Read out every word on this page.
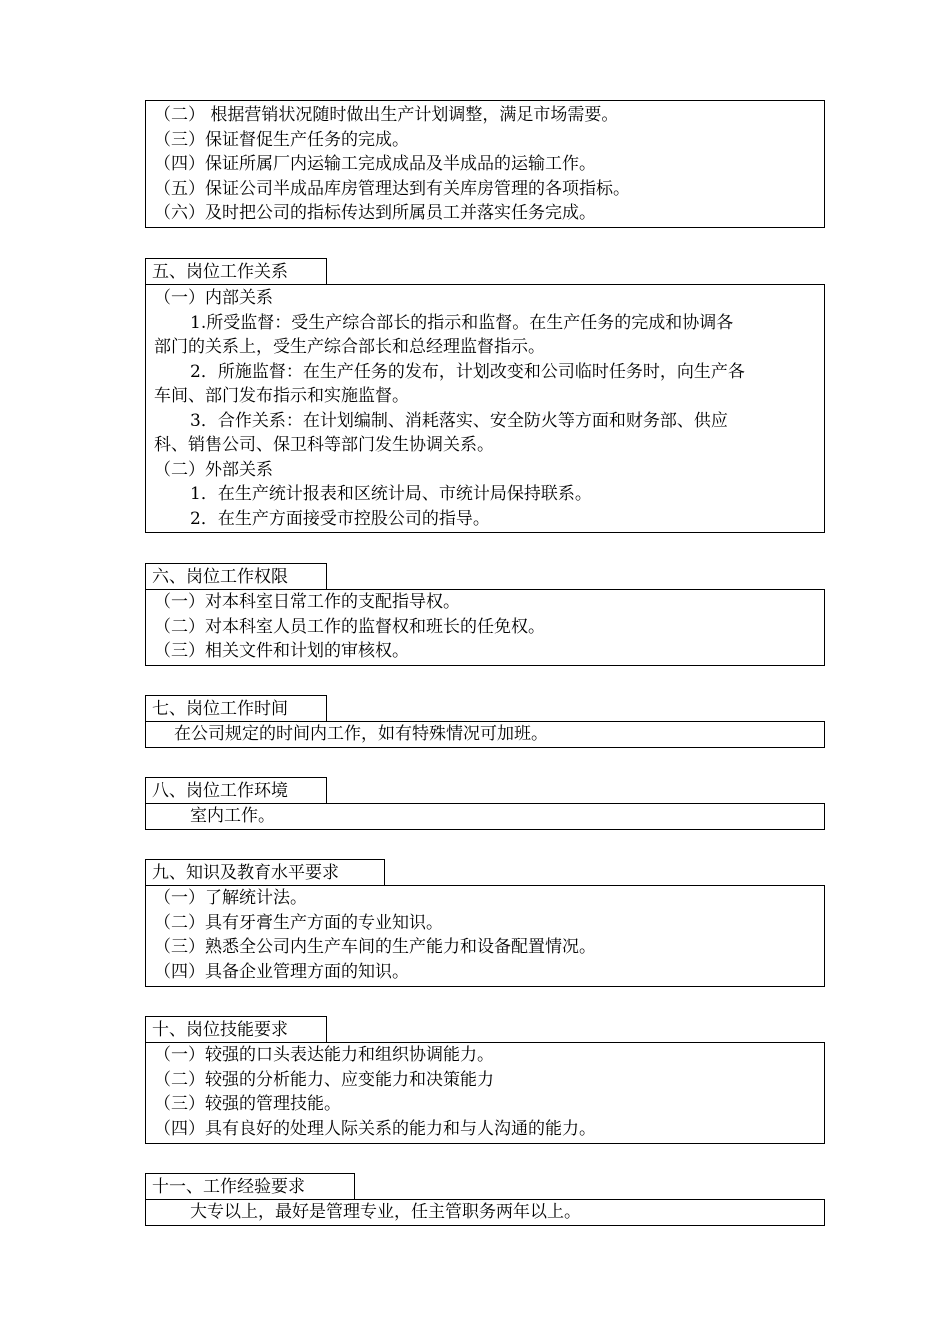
（二） 根据营销状况随时做出生产计划调整，满足市场需要。
（三）保证督促生产任务的完成。
（四）保证所属厂内运输工完成成品及半成品的运输工作。
（五）保证公司半成品库房管理达到有关库房管理的各项指标。
（六）及时把公司的指标传达到所属员工并落实任务完成。
五、岗位工作关系
（一）内部关系
1.所受监督：受生产综合部长的指示和监督。在生产任务的完成和协调各
部门的关系上，受生产综合部长和总经理监督指示。
2．所施监督：在生产任务的发布，计划改变和公司临时任务时，向生产各
车间、部门发布指示和实施监督。
3．合作关系：在计划编制、消耗落实、安全防火等方面和财务部、供应
科、销售公司、保卫科等部门发生协调关系。
（二）外部关系
1．在生产统计报表和区统计局、市统计局保持联系。
2．在生产方面接受市控股公司的指导。
六、岗位工作权限
（一）对本科室日常工作的支配指导权。
（二）对本科室人员工作的监督权和班长的任免权。
（三）相关文件和计划的审核权。
七、岗位工作时间
在公司规定的时间内工作，如有特殊情况可加班。
八、岗位工作环境
室内工作。
九、知识及教育水平要求
（一）了解统计法。
（二）具有牙膏生产方面的专业知识。
（三）熟悉全公司内生产车间的生产能力和设备配置情况。
（四）具备企业管理方面的知识。
十、岗位技能要求
（一）较强的口头表达能力和组织协调能力。
（二）较强的分析能力、应变能力和决策能力
（三）较强的管理技能。
（四）具有良好的处理人际关系的能力和与人沟通的能力。
十一、工作经验要求
大专以上，最好是管理专业，任主管职务两年以上。
